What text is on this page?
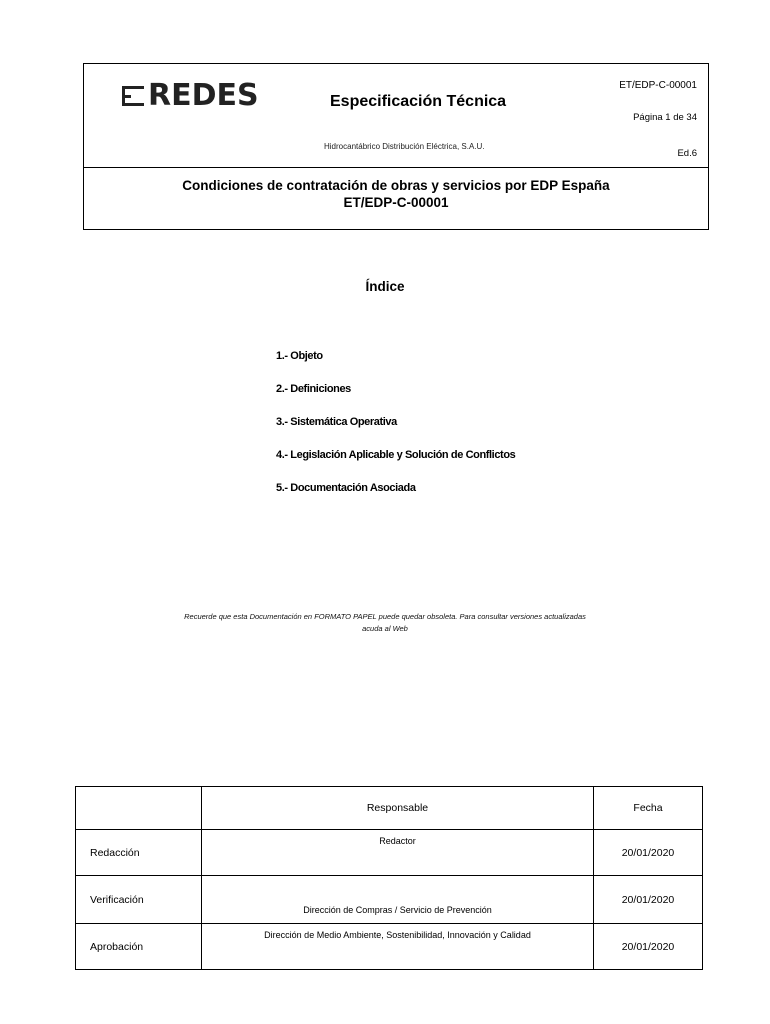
REDES	Especificación Técnica
Hidrocantábrico Distribución Eléctrica, S.A.U.
ET/EDP-C-00001
Página 1 de 34
Ed.6
Condiciones de contratación de obras y servicios por EDP España
ET/EDP-C-00001
Índice
1.- Objeto
2.- Definiciones
3.- Sistemática Operativa
4.- Legislación Aplicable y Solución de Conflictos
5.- Documentación Asociada
Recuerde que esta Documentación en FORMATO PAPEL puede quedar obsoleta. Para consultar versiones actualizadas
acuda al Web
	Responsable	Fecha
Redacción	Redactor	20/01/2020
Verificación	Dirección de Compras / Servicio de Prevención	20/01/2020
Aprobación	Dirección de Medio Ambiente, Sostenibilidad, Innovación y Calidad	20/01/2020
